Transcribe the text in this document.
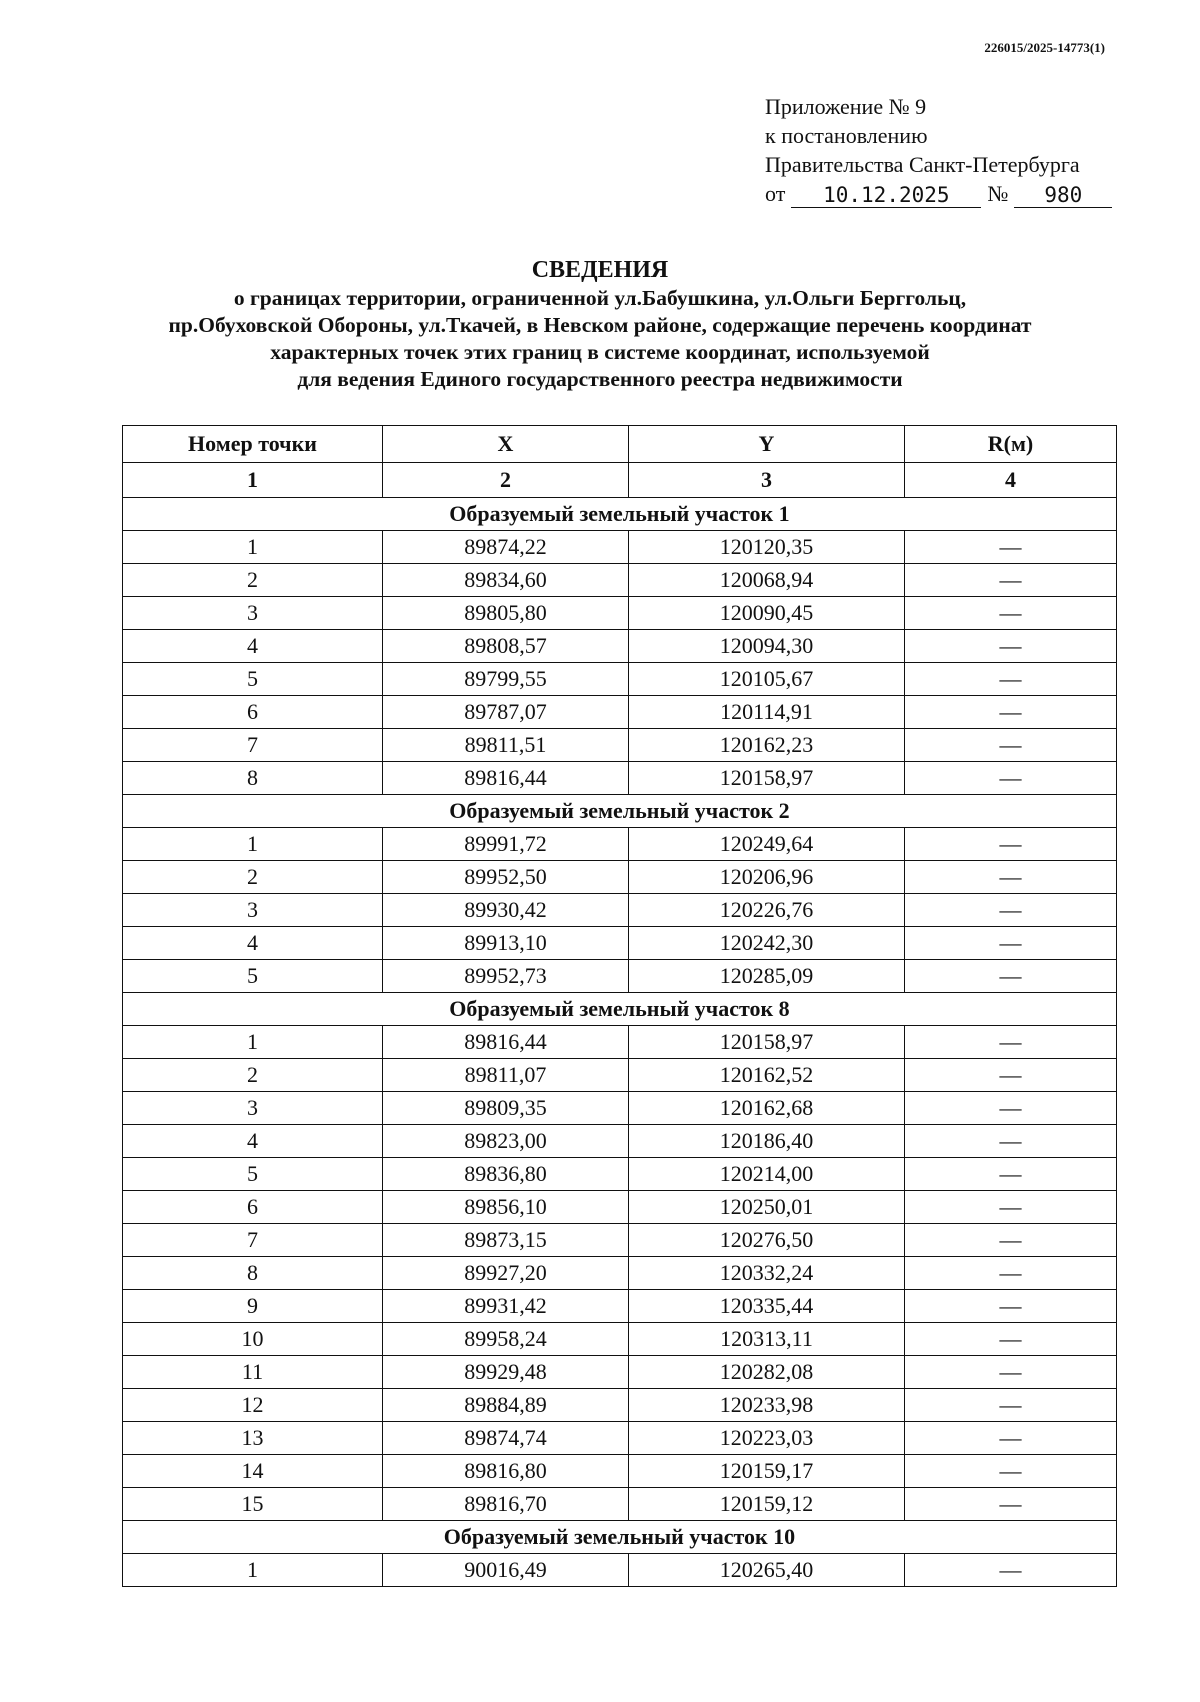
226015/2025-14773(1)
Приложение № 9
к постановлению
Правительства Санкт-Петербурга
от	10.12.2025	№	980
СВЕДЕНИЯ
о границах территории, ограниченной ул.Бабушкина, ул.Ольги Берггольц,
пр.Обуховской Обороны, ул.Ткачей, в Невском районе, содержащие перечень координат
характерных точек этих границ в системе координат, используемой
для ведения Единого государственного реестра недвижимости
Номер точки	X	Y	R(м)
1	2	3	4
Образуемый земельный участок 1			
1	89874,22	120120,35	—
2	89834,60	120068,94	—
3	89805,80	120090,45	—
4	89808,57	120094,30	—
5	89799,55	120105,67	—
6	89787,07	120114,91	—
7	89811,51	120162,23	—
8	89816,44	120158,97	—
Образуемый земельный участок 2			
1	89991,72	120249,64	—
2	89952,50	120206,96	—
3	89930,42	120226,76	—
4	89913,10	120242,30	—
5	89952,73	120285,09	—
Образуемый земельный участок 8			
1	89816,44	120158,97	—
2	89811,07	120162,52	—
3	89809,35	120162,68	—
4	89823,00	120186,40	—
5	89836,80	120214,00	—
6	89856,10	120250,01	—
7	89873,15	120276,50	—
8	89927,20	120332,24	—
9	89931,42	120335,44	—
10	89958,24	120313,11	—
11	89929,48	120282,08	—
12	89884,89	120233,98	—
13	89874,74	120223,03	—
14	89816,80	120159,17	—
15	89816,70	120159,12	—
Образуемый земельный участок 10			
1	90016,49	120265,40	—
